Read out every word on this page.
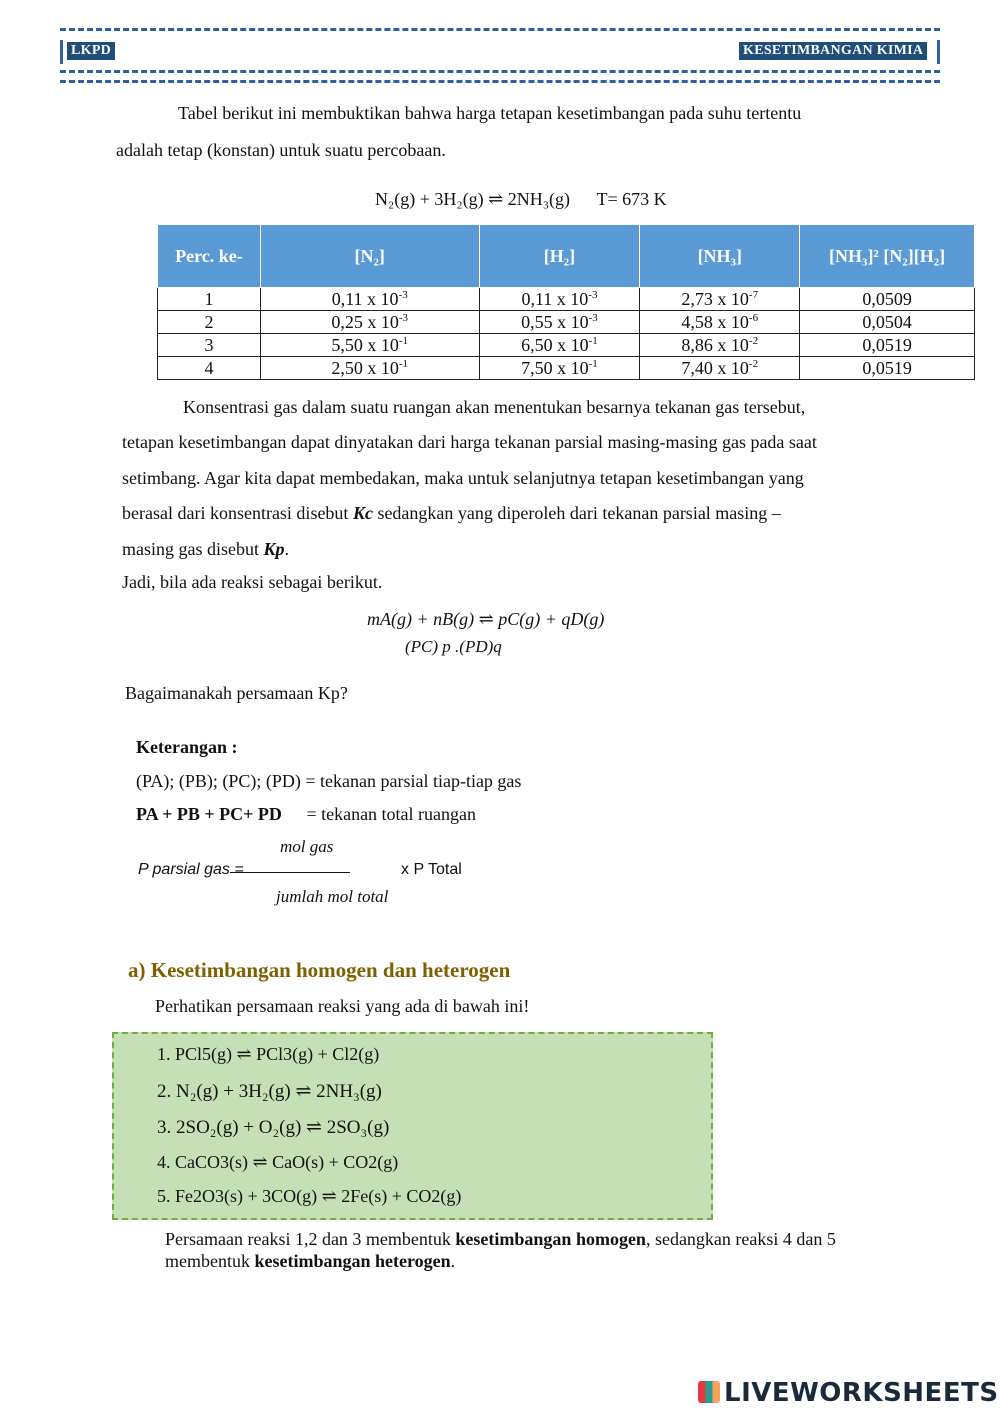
LKPD	KESETIMBANGAN KIMIA
Tabel berikut ini membuktikan bahwa harga tetapan kesetimbangan pada suhu tertentu
adalah tetap (konstan) untuk suatu percobaan.
N₂(g) + 3H₂(g) ⇌ 2NH₃(g) T= 673 K
Perc. ke-	[N₂]	[H₂]	[NH₃]	[NH₃]² [N₂][H₂]
1	0,11 x $10^{-3}$	0,11 x $10^{-3}$	2,73 x $10^{-7}$	0,0509
2	0,25 x $10^{-3}$	0,55 x $10^{-3}$	4,58 x $10^{-6}$	0,0504
3	5,50 x $10^{-1}$	6,50 x $10^{-1}$	8,86 x $10^{-2}$	0,0519
4	2,50 x $10^{-1}$	7,50 x $10^{-1}$	7,40 x $10^{-2}$	0,0519
Konsentrasi gas dalam suatu ruangan akan menentukan besarnya tekanan gas tersebut,
tetapan kesetimbangan dapat dinyatakan dari harga tekanan parsial masing-masing gas pada saat
setimbang. Agar kita dapat membedakan, maka untuk selanjutnya tetapan kesetimbangan yang
berasal dari konsentrasi disebut Kc sedangkan yang diperoleh dari tekanan parsial masing –
masing gas disebut Kp.
Jadi, bila ada reaksi sebagai berikut.
mA(g) + nB(g) ⇌ pC(g) + qD(g)
(PC) p .(PD)q
Bagaimanakah persamaan Kp?
Keterangan :
(PA); (PB); (PC); (PD) = tekanan parsial tiap-tiap gas
PA + PB + PC+ PD = tekanan total ruangan
mol gas
jumlah mol total
P parsial gas =	x P Total
a) Kesetimbangan homogen dan heterogen
Perhatikan persamaan reaksi yang ada di bawah ini!
1. PCl5(g) ⇌ PCl3(g) + Cl2(g)
2. N₂(g) + 3H₂(g) ⇌ 2NH₃(g)
3. 2SO₂(g) + O₂(g) ⇌ 2SO₃(g)
4. CaCO3(s) ⇌ CaO(s) + CO2(g)
5. Fe2O3(s) + 3CO(g) ⇌ 2Fe(s) + CO2(g)
Persamaan reaksi 1,2 dan 3 membentuk kesetimbangan homogen, sedangkan reaksi 4 dan 5
membentuk kesetimbangan heterogen.
LIVEWORKSHEETS
